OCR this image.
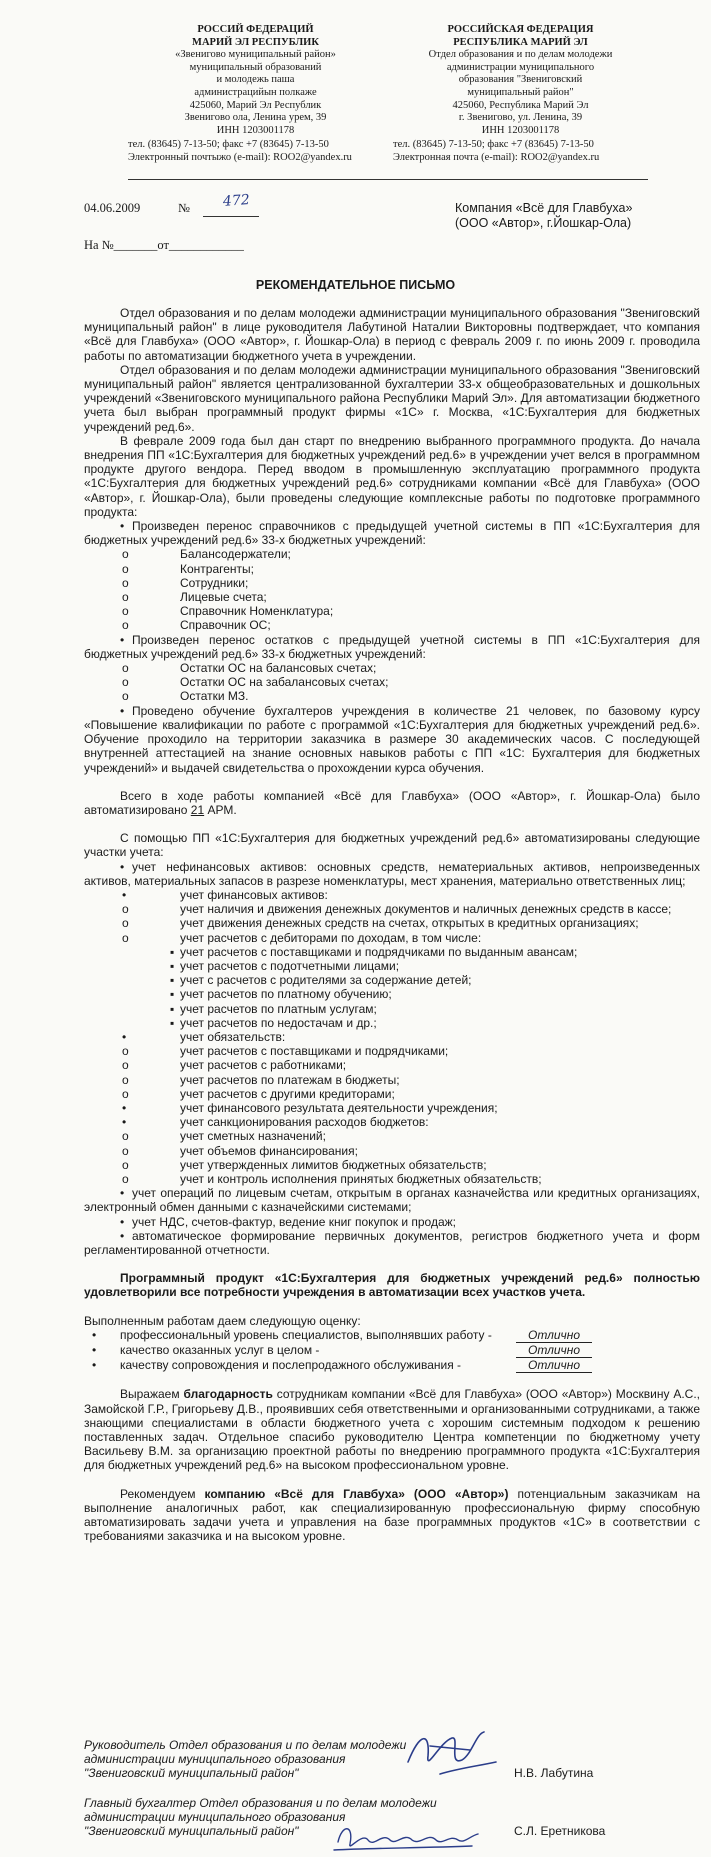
РОССИЙ ФЕДЕРАЦИЙ
МАРИЙ ЭЛ РЕСПУБЛИК
«Звенигово муниципальный район»
муниципальный образований
и молодежь паша
администрацийын полкаже
425060, Марий Эл Республик
Звенигово ола, Ленина урем, 39
ИНН 1203001178
тел. (83645) 7-13-50; факс +7 (83645) 7-13-50
Электронный почтыжо (e-mail): ROO2@yandex.ru
РОССИЙСКАЯ ФЕДЕРАЦИЯ
РЕСПУБЛИКА МАРИЙ ЭЛ
Отдел образования и по делам молодежи
администрации муниципального
образования "Звениговский
муниципальный район"
425060, Республика Марий Эл
г. Звенигово, ул. Ленина, 39
ИНН 1203001178
тел. (83645) 7-13-50; факс +7 (83645) 7-13-50
Электронная почта (e-mail): ROO2@yandex.ru
04.06.2009	№ 472	Компания «Всё для Главбуха»
(ООО «Автор», г.Йошкар-Ола)
На №_______от____________
РЕКОМЕНДАТЕЛЬНОЕ ПИСЬМО

Отдел образования и по делам молодежи администрации муниципального образования "Звениговский муниципальный район" в лице руководителя Лабутиной Наталии Викторовны подтверждает, что компания «Всё для Главбуха» (ООО «Автор», г. Йошкар-Ола) в период с февраль 2009 г. по июнь 2009 г. проводила работы по автоматизации бюджетного учета в учреждении.

Отдел образования и по делам молодежи администрации муниципального образования "Звениговский муниципальный район" является централизованной бухгалтерии 33-х общеобразовательных и дошкольных учреждений «Звениговского муниципального района Республики Марий Эл». Для автоматизации бюджетного учета был выбран программный продукт фирмы «1С» г. Москва, «1С:Бухгалтерия для бюджетных учреждений ред.6».

В феврале 2009 года был дан старт по внедрению выбранного программного продукта. До начала внедрения ПП «1С:Бухгалтерия для бюджетных учреждений ред.6» в учреждении учет велся в программном продукте другого вендора. Перед вводом в промышленную эксплуатацию программного продукта «1С:Бухгалтерия для бюджетных учреждений ред.6» сотрудниками компании «Всё для Главбуха» (ООО «Автор», г. Йошкар-Ола), были проведены следующие комплексные работы по подготовке программного продукта:

• Произведен перенос справочников с предыдущей учетной системы в ПП «1С:Бухгалтерия для бюджетных учреждений ред.6» 33-х бюджетных учреждений:
o	Балансодержатели;
o	Контрагенты;
o	Сотрудники;
o	Лицевые счета;
o	Справочник Номенклатура;
o	Справочник ОС;
• Произведен перенос остатков с предыдущей учетной системы в ПП «1С:Бухгалтерия для бюджетных учреждений ред.6» 33-х бюджетных учреждений:
o	Остатки ОС на балансовых счетах;
o	Остатки ОС на забалансовых счетах;
o	Остатки МЗ.
• Проведено обучение бухгалтеров учреждения в количестве 21 человек, по базовому курсу «Повышение квалификации по работе с программой «1С:Бухгалтерия для бюджетных учреждений ред.6». Обучение проходило на территории заказчика в размере 30 академических часов. С последующей внутренней аттестацией на знание основных навыков работы с ПП «1С: Бухгалтерия для бюджетных учреждений» и выдачей свидетельства о прохождении курса обучения.

Всего в ходе работы компанией «Всё для Главбуха» (ООО «Автор», г. Йошкар-Ола) было автоматизировано 21 АРМ.

С помощью ПП «1С:Бухгалтерия для бюджетных учреждений ред.6» автоматизированы следующие участки учета:

• учет нефинансовых активов: основных средств, нематериальных активов, непроизведенных активов, материальных запасов в разрезе номенклатуры, мест хранения, материально ответственных лиц;
•	учет финансовых активов:
o	учет наличия и движения денежных документов и наличных денежных средств в кассе;
o	учет движения денежных средств на счетах, открытых в кредитных организациях;
o	учет расчетов с дебиторами по доходам, в том числе:
▪ учет расчетов с поставщиками и подрядчиками по выданным авансам;
▪ учет расчетов с подотчетными лицами;
▪ учет с расчетов с родителями за содержание детей;
▪ учет расчетов по платному обучению;
▪ учет расчетов по платным услугам;
▪ учет расчетов по недостачам и др.;
•	учет обязательств:
o	учет расчетов с поставщиками и подрядчиками;
o	учет расчетов с работниками;
o	учет расчетов по платежам в бюджеты;
o	учет расчетов с другими кредиторами;
•	учет финансового результата деятельности учреждения;
•	учет санкционирования расходов бюджетов:
o	учет сметных назначений;
o	учет объемов финансирования;
o	учет утвержденных лимитов бюджетных обязательств;
o	учет и контроль исполнения принятых бюджетных обязательств;
• учет операций по лицевым счетам, открытым в органах казначейства или кредитных организациях, электронный обмен данными с казначейскими системами;
• учет НДС, счетов-фактур, ведение книг покупок и продаж;
• автоматическое формирование первичных документов, регистров бюджетного учета и форм регламентированной отчетности.

Программный продукт «1С:Бухгалтерия для бюджетных учреждений ред.6» полностью удовлетворили все потребности учреждения в автоматизации всех участков учета.

Выполненным работам даем следующую оценку:

• профессиональный уровень специалистов, выполнявших работу -	Отлично
• качество оказанных услуг в целом -	Отлично
• качеству сопровождения и послепродажного обслуживания -	Отлично

Выражаем благодарность сотрудникам компании «Всё для Главбуха» (ООО «Автор») Москвину А.С., Замойской Г.Р., Григорьеву Д.В., проявивших себя ответственными и организованными сотрудниками, а также знающими специалистами в области бюджетного учета с хорошим системным подходом к решению поставленных задач. Отдельное спасибо руководителю Центра компетенции по бюджетному учету Васильеву В.М. за организацию проектной работы по внедрению программного продукта «1С:Бухгалтерия для бюджетных учреждений ред.6» на высоком профессиональном уровне.

Рекомендуем компанию «Всё для Главбуха» (ООО «Автор») потенциальным заказчикам на выполнение аналогичных работ, как специализированную профессиональную фирму способную автоматизировать задачи учета и управления на базе программных продуктов «1С» в соответствии с требованиями заказчика и на высоком уровне.

Руководитель Отдел образования и по делам молодежи
администрации муниципального образования
"Звениговский муниципальный район"	Н.В. Лабутина
Главный бухгалтер Отдел образования и по делам молодежи
администрации муниципального образования
"Звениговский муниципальный район"	С.Л. Еретникова
